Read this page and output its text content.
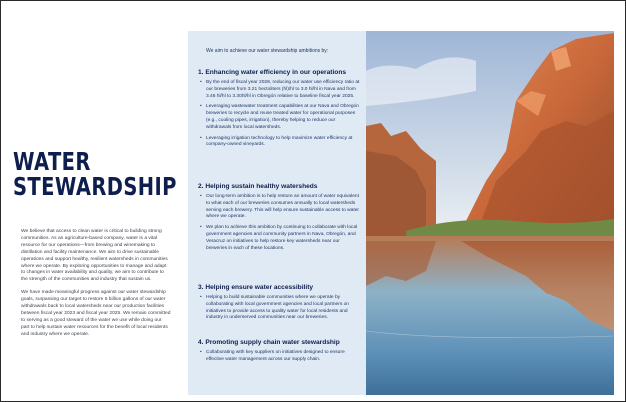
WATER
STEWARDSHIP

We believe that access to clean water is critical to building strong communities. As an agriculture-based company, water is a vital resource for our operations—from brewing and winemaking to distillation and facility maintenance. We aim to drive sustainable operations and support healthy, resilient watersheds in communities where we operate. By exploring opportunities to manage and adapt to changes in water availability and quality, we aim to contribute to the strength of the communities and industry that sustain us.

We have made meaningful progress against our water stewardship goals, surpassing our target to restore 5 billion gallons of our water withdrawals back to local watersheds near our production facilities between fiscal year 2023 and fiscal year 2025. We remain committed to serving as a good steward of the water we use while doing our part to help sustain water resources for the benefit of local residents and industry where we operate.

We aim to achieve our water stewardship ambitions by:
1. Enhancing water efficiency in our operations
• By the end of fiscal year 2028, reducing our water use efficiency ratio at our breweries from 3.21 hectoliters (hl)/hl to 3.0 hl/hl in Nava and from 3.46 hl/hl to 3.30hl/hl in Obregón relative to baseline fiscal year 2025.
• Leveraging wastewater treatment capabilities at our Nava and Obregón breweries to recycle and reuse treated water for operational purposes (e.g., cooling pipes, irrigation), thereby helping to reduce our withdrawals from local watersheds.
• Leveraging irrigation technology to help maximize water efficiency at company-owned vineyards.
2. Helping sustain healthy watersheds
• Our long-term ambition is to help restore an amount of water equivalent to what each of our breweries consumes annually to local watersheds serving each brewery. This will help ensure sustainable access to water where we operate.
• We plan to achieve this ambition by continuing to collaborate with local government agencies and community partners in Nava, Obregón, and Veracruz on initiatives to help restore key watersheds near our breweries in each of these locations.
3. Helping ensure water accessibility
• Helping to build sustainable communities where we operate by collaborating with local government agencies and local partners on initiatives to provide access to quality water for local residents and industry in underserved communities near our breweries.
4. Promoting supply chain water stewardship
• Collaborating with key suppliers on initiatives designed to ensure effective water management across our supply chain.
